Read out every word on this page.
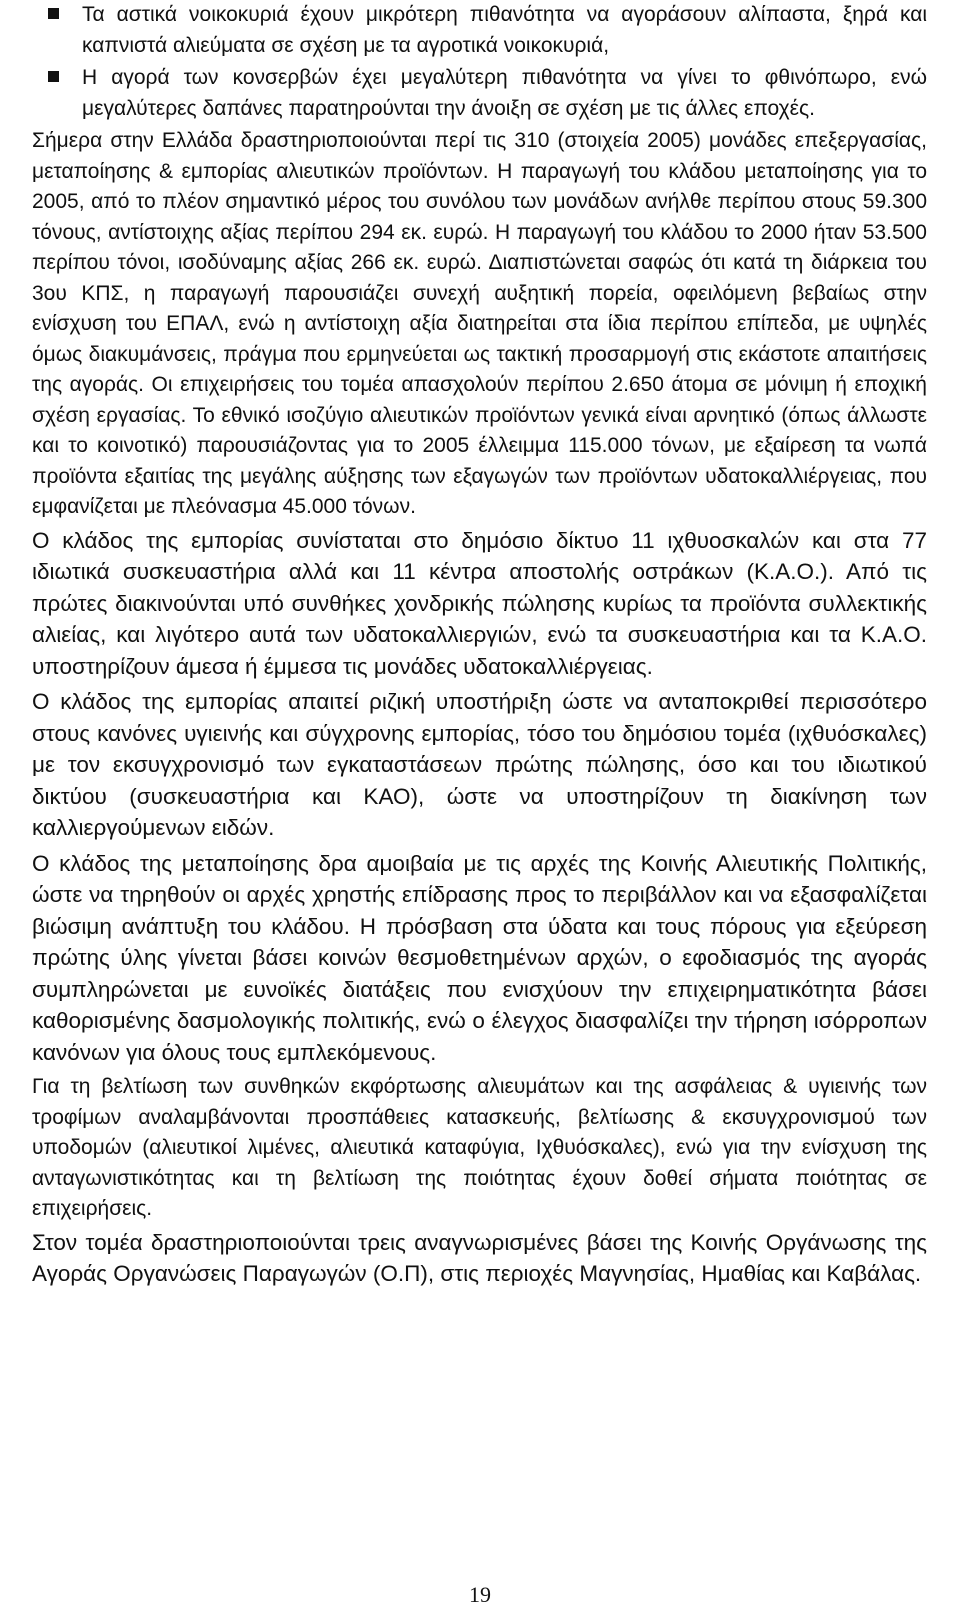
Τα αστικά νοικοκυριά έχουν μικρότερη πιθανότητα να αγοράσουν αλίπαστα, ξηρά και καπνιστά αλιεύματα σε σχέση με τα αγροτικά νοικοκυριά,
Η αγορά των κονσερβών έχει μεγαλύτερη πιθανότητα να γίνει το φθινόπωρο, ενώ μεγαλύτερες δαπάνες παρατηρούνται την άνοιξη σε σχέση με τις άλλες εποχές.

Σήμερα στην Ελλάδα δραστηριοποιούνται περί τις 310 (στοιχεία 2005) μονάδες επεξεργασίας, μεταποίησης & εμπορίας αλιευτικών προϊόντων. Η παραγωγή του κλάδου μεταποίησης για το 2005, από το πλέον σημαντικό μέρος του συνόλου των μονάδων ανήλθε περίπου στους 59.300 τόνους, αντίστοιχης αξίας περίπου 294 εκ. ευρώ. Η παραγωγή του κλάδου το 2000 ήταν 53.500 περίπου τόνοι, ισοδύναμης αξίας 266 εκ. ευρώ. Διαπιστώνεται σαφώς ότι κατά τη διάρκεια του 3ου ΚΠΣ, η παραγωγή παρουσιάζει συνεχή αυξητική πορεία, οφειλόμενη βεβαίως στην ενίσχυση του ΕΠΑΛ, ενώ η αντίστοιχη αξία διατηρείται στα ίδια περίπου επίπεδα, με υψηλές όμως διακυμάνσεις, πράγμα που ερμηνεύεται ως τακτική προσαρμογή στις εκάστοτε απαιτήσεις της αγοράς. Οι επιχειρήσεις του τομέα απασχολούν περίπου 2.650 άτομα σε μόνιμη ή εποχική σχέση εργασίας. Το εθνικό ισοζύγιο αλιευτικών προϊόντων γενικά είναι αρνητικό (όπως άλλωστε και το κοινοτικό) παρουσιάζοντας για το 2005 έλλειμμα 115.000 τόνων, με εξαίρεση τα νωπά προϊόντα εξαιτίας της μεγάλης αύξησης των εξαγωγών των προϊόντων υδατοκαλλιέργειας, που εμφανίζεται με πλεόνασμα 45.000 τόνων.

Ο κλάδος της εμπορίας συνίσταται στο δημόσιο δίκτυο 11 ιχθυοσκαλών και στα 77 ιδιωτικά συσκευαστήρια αλλά και 11 κέντρα αποστολής οστράκων (Κ.Α.Ο.). Από τις πρώτες διακινούνται υπό συνθήκες χονδρικής πώλησης κυρίως τα προϊόντα συλλεκτικής αλιείας, και λιγότερο αυτά των υδατοκαλλιεργιών, ενώ τα συσκευαστήρια και τα Κ.Α.Ο. υποστηρίζουν άμεσα ή έμμεσα τις μονάδες υδατοκαλλιέργειας.

Ο κλάδος της εμπορίας απαιτεί ριζική υποστήριξη ώστε να ανταποκριθεί περισσότερο στους κανόνες υγιεινής και σύγχρονης εμπορίας, τόσο του δημόσιου τομέα (ιχθυόσκαλες) με τον εκσυγχρονισμό των εγκαταστάσεων πρώτης πώλησης, όσο και του ιδιωτικού δικτύου (συσκευαστήρια και ΚΑΟ), ώστε να υποστηρίζουν τη διακίνηση των καλλιεργούμενων ειδών.

Ο κλάδος της μεταποίησης δρα αμοιβαία με τις αρχές της Κοινής Αλιευτικής Πολιτικής, ώστε να τηρηθούν οι αρχές χρηστής επίδρασης προς το περιβάλλον και να εξασφαλίζεται βιώσιμη ανάπτυξη του κλάδου. Η πρόσβαση στα ύδατα και τους πόρους για εξεύρεση πρώτης ύλης γίνεται βάσει κοινών θεσμοθετημένων αρχών, ο εφοδιασμός της αγοράς συμπληρώνεται με ευνοϊκές διατάξεις που ενισχύουν την επιχειρηματικότητα βάσει καθορισμένης δασμολογικής πολιτικής, ενώ ο έλεγχος διασφαλίζει την τήρηση ισόρροπων κανόνων για όλους τους εμπλεκόμενους.

Για τη βελτίωση των συνθηκών εκφόρτωσης αλιευμάτων και της ασφάλειας & υγιεινής των τροφίμων αναλαμβάνονται προσπάθειες κατασκευής, βελτίωσης & εκσυγχρονισμού των υποδομών (αλιευτικοί λιμένες, αλιευτικά καταφύγια, Ιχθυόσκαλες), ενώ για την ενίσχυση της ανταγωνιστικότητας και τη βελτίωση της ποιότητας έχουν δοθεί σήματα ποιότητας σε επιχειρήσεις.

Στον τομέα δραστηριοποιούνται τρεις αναγνωρισμένες βάσει της Κοινής Οργάνωσης της Αγοράς Οργανώσεις Παραγωγών (Ο.Π), στις περιοχές Μαγνησίας, Ημαθίας και Καβάλας.

19
